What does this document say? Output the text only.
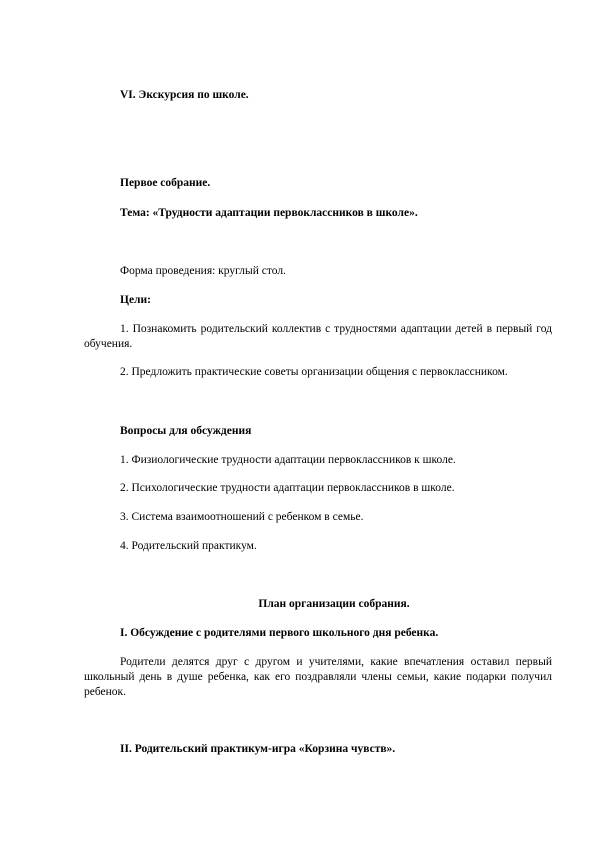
VI. Экскурсия по школе.
Первое собрание.
Тема: «Трудности адаптации первоклассников в школе».
Форма проведения: круглый стол.
Цели:
1. Познакомить родительский коллектив с трудностями адаптации детей в первый год обучения.
2. Предложить практические советы организации общения с первоклассником.
Вопросы для обсуждения
1. Физиологические трудности адаптации первоклассников к школе.
2. Психологические трудности адаптации первоклассников в школе.
3. Система взаимоотношений с ребенком в семье.
4. Родительский практикум.
План организации собрания.
I. Обсуждение с родителями первого школьного дня ребенка.
Родители делятся друг с другом и учителями, какие впечатления оставил первый школьный день в душе ребенка, как его поздравляли члены семьи, какие подарки получил ребенок.
II. Родительский практикум-игра «Корзина чувств».
